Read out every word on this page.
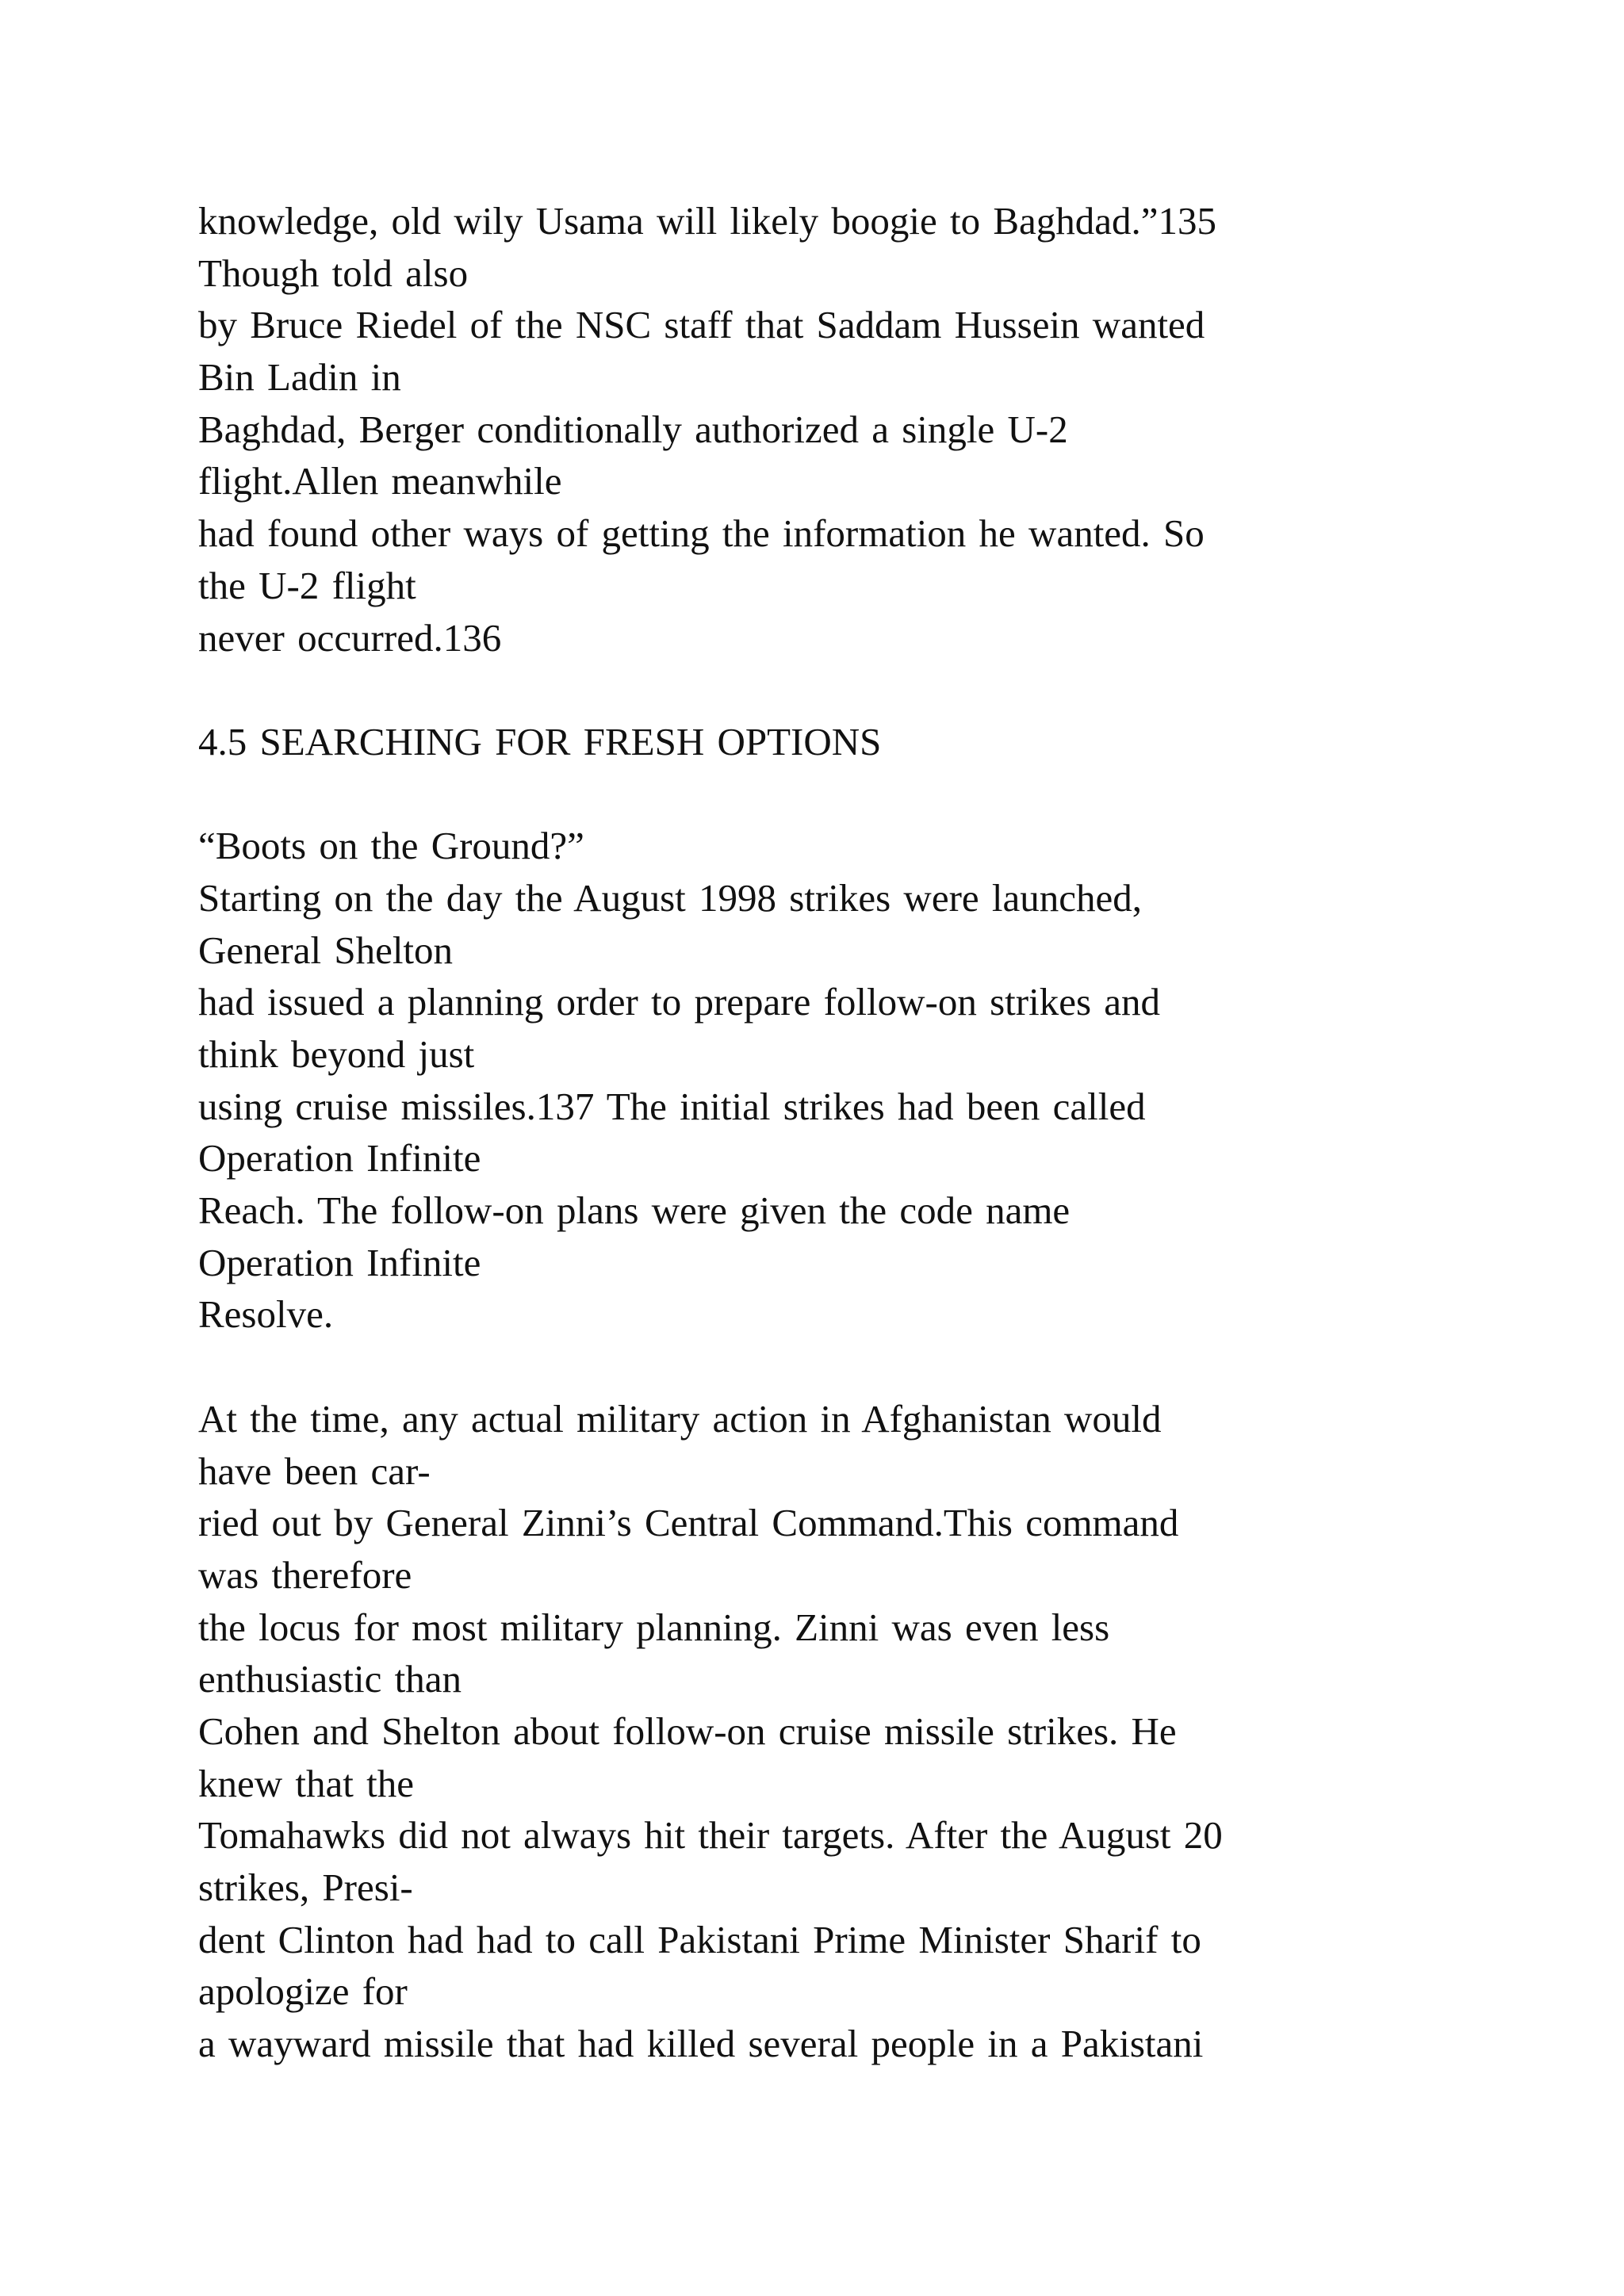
knowledge, old wily Usama will likely boogie to Baghdad.”135
Though told also
by Bruce Riedel of the NSC staff that Saddam Hussein wanted
Bin Ladin in
Baghdad, Berger conditionally authorized a single U-2
flight.Allen meanwhile
had found other ways of getting the information he wanted. So
the U-2 flight
never occurred.136
4.5 SEARCHING FOR FRESH OPTIONS
“Boots on the Ground?”
Starting on the day the August 1998 strikes were launched,
General Shelton
had issued a planning order to prepare follow-on strikes and
think beyond just
using cruise missiles.137 The initial strikes had been called
Operation Infinite
Reach. The follow-on plans were given the code name
Operation Infinite
Resolve.
At the time, any actual military action in Afghanistan would
have been car-
ried out by General Zinni’s Central Command.This command
was therefore
the locus for most military planning. Zinni was even less
enthusiastic than
Cohen and Shelton about follow-on cruise missile strikes. He
knew that the
Tomahawks did not always hit their targets. After the August 20
strikes, Presi-
dent Clinton had had to call Pakistani Prime Minister Sharif to
apologize for
a wayward missile that had killed several people in a Pakistani
